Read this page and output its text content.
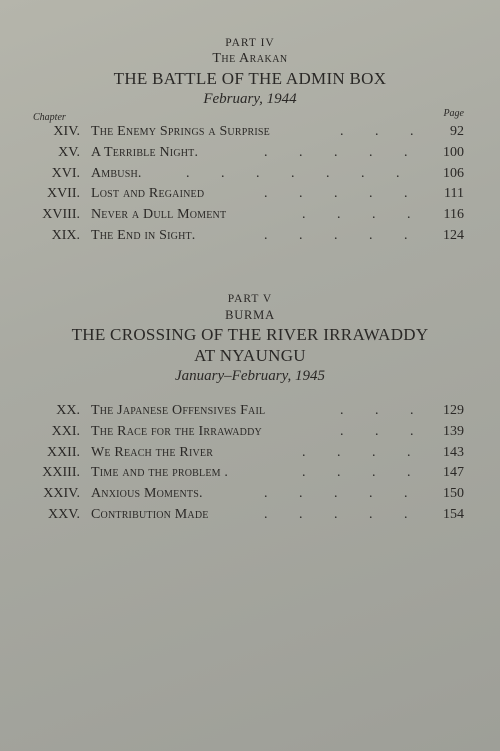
PART IV
The Arakan
THE BATTLE OF THE ADMIN BOX
February, 1944
Chapter	Page
XIV. The Enemy Springs a Surprise	.         .         .	92
XV. A Terrible Night.	.         .         .         .         .	100
XVI. Ambush.	.         .         .         .         .         .         .	106
XVII. Lost and Regained	.         .         .         .         .	111
XVIII. Never a Dull Moment	.         .         .         . 116
XIX. The End in Sight.	.         .         .         .         .	124
PART V
BURMA
THE CROSSING OF THE RIVER IRRAWADDY
AT NYAUNGU
January–February, 1945
XX. The Japanese Offensives Fail	.         .         . 129
XXI. The Race for the Irrawaddy	.         .         . 139
XXII. We Reach the River	.         .         .         . 143
XXIII. Time and the problem .	.         .         .         . 147
XXIV. Anxious Moments.	.         .         .         .         .	150
XXV. Contribution Made	.         .         .         .         .	154
